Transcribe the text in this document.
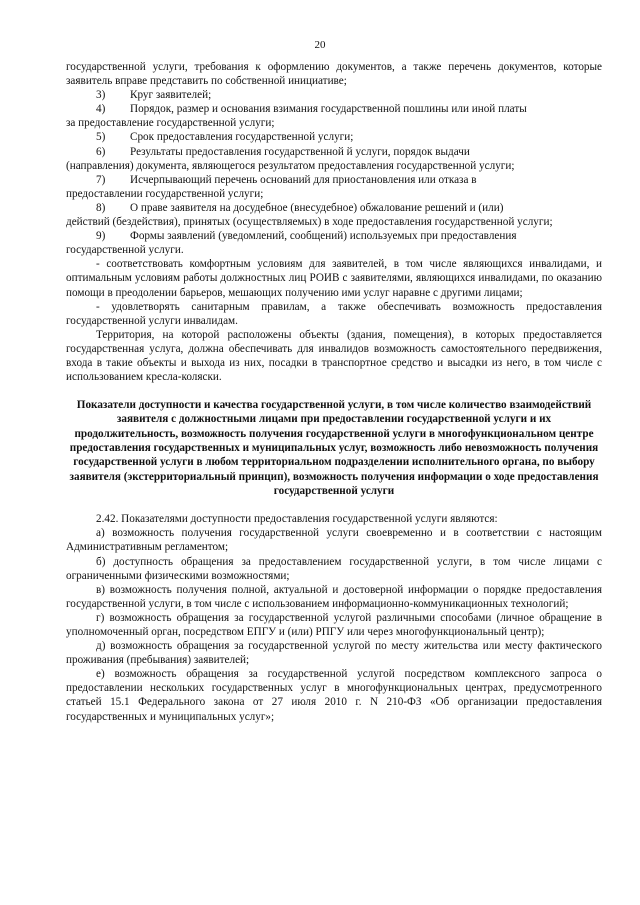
20

государственной услуги, требования к оформлению документов, а также перечень документов, которые заявитель вправе представить по собственной инициативе;

3)	Круг заявителей;
4)	Порядок, размер и основания взимания государственной пошлины или иной платы

за предоставление государственной услуги;

5)	Срок предоставления государственной услуги;
6)	Результаты предоставления государственной й услуги, порядок выдачи

(направления) документа, являющегося результатом предоставления государственной услуги;

7)	Исчерпывающий перечень оснований для приостановления или отказа в

предоставлении государственной услуги;

8)	О праве заявителя на досудебное (внесудебное) обжалование решений и (или)

действий (бездействия), принятых (осуществляемых) в ходе предоставления государственной услуги;

9)	Формы заявлений (уведомлений, сообщений) используемых при предоставления

государственной услуги.

- соответствовать комфортным условиям для заявителей, в том числе являющихся инвалидами, и оптимальным условиям работы должностных лиц РОИВ с заявителями, являющихся инвалидами, по оказанию помощи в преодолении барьеров, мешающих получению ими услуг наравне с другими лицами;

- удовлетворять санитарным правилам, а также обеспечивать возможность предоставления государственной услуги инвалидам.

Территория, на которой расположены объекты (здания, помещения), в которых предоставляется государственная услуга, должна обеспечивать для инвалидов возможность самостоятельного передвижения, входа в такие объекты и выхода из них, посадки в транспортное средство и высадки из него, в том числе с использованием кресла-коляски.

Показатели доступности и качества государственной услуги, в том числе количество взаимодействий заявителя с должностными лицами при предоставлении государственной услуги и их продолжительность, возможность получения государственной услуги в многофункциональном центре предоставления государственных и муниципальных услуг, возможность либо невозможность получения государственной услуги в любом территориальном подразделении исполнительного органа, по выбору заявителя (экстерриториальный принцип), возможность получения информации о ходе предоставления государственной услуги

2.42. Показателями доступности предоставления государственной услуги являются:

а) возможность получения государственной услуги своевременно и в соответствии с настоящим Административным регламентом;

б) доступность обращения за предоставлением государственной услуги, в том числе лицами с ограниченными физическими возможностями;

в) возможность получения полной, актуальной и достоверной информации о порядке предоставления государственной услуги, в том числе с использованием информационно-коммуникационных технологий;

г) возможность обращения за государственной услугой различными способами (личное обращение в уполномоченный орган, посредством ЕПГУ и (или) РПГУ или через многофункциональный центр);

д) возможность обращения за государственной услугой по месту жительства или месту фактического проживания (пребывания) заявителей;

е) возможность обращения за государственной услугой посредством комплексного запроса о предоставлении нескольких государственных услуг в многофункциональных центрах, предусмотренного статьей 15.1 Федерального закона от 27 июля 2010 г. N 210-ФЗ «Об организации предоставления государственных и муниципальных услуг»;
